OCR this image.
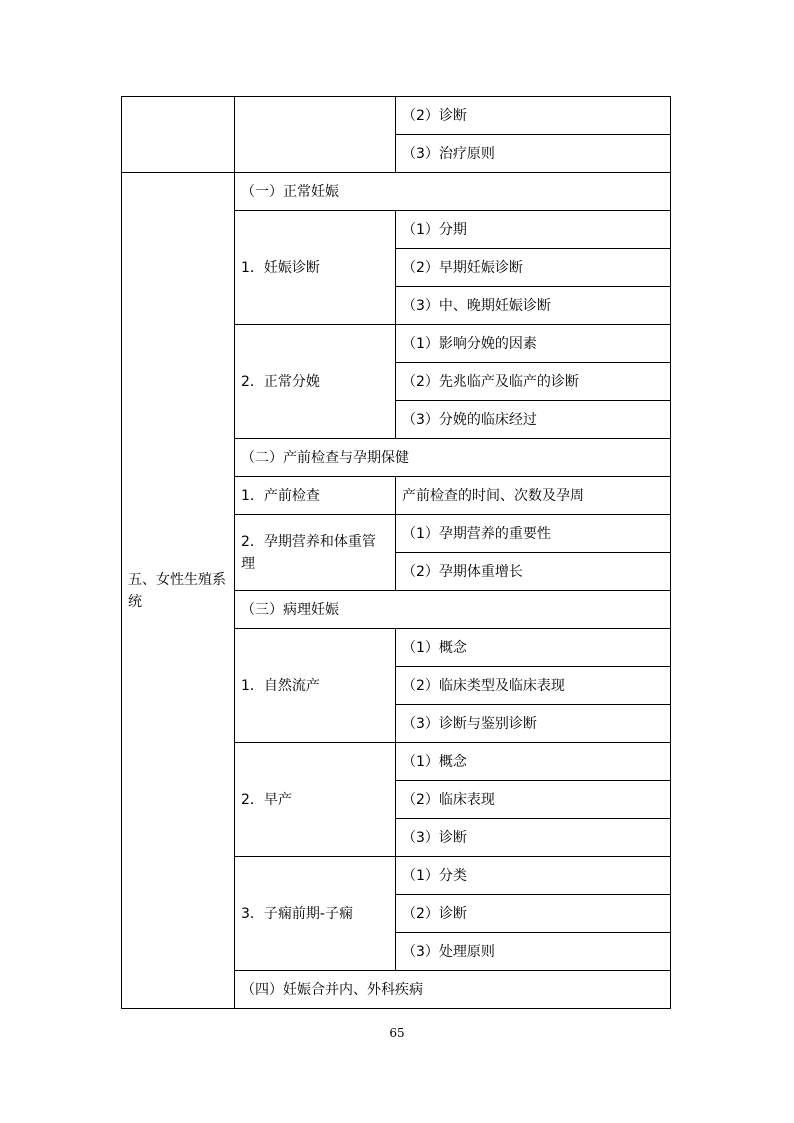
		（2）诊断
		（3）治疗原则
五、女性生殖系统	（一）正常妊娠	
	1．妊娠诊断	（1）分期
		（2）早期妊娠诊断
		（3）中、晚期妊娠诊断
	2．正常分娩	（1）影响分娩的因素
		（2）先兆临产及临产的诊断
		（3）分娩的临床经过
	（二）产前检查与孕期保健	
	1．产前检查	产前检查的时间、次数及孕周
	2．孕期营养和体重管理	（1）孕期营养的重要性
		（2）孕期体重增长
	（三）病理妊娠	
	1．自然流产	（1）概念
		（2）临床类型及临床表现
		（3）诊断与鉴别诊断
	2．早产	（1）概念
		（2）临床表现
		（3）诊断
	3．子痫前期-子痫	（1）分类
		（2）诊断
		（3）处理原则
	（四）妊娠合并内、外科疾病	
65
